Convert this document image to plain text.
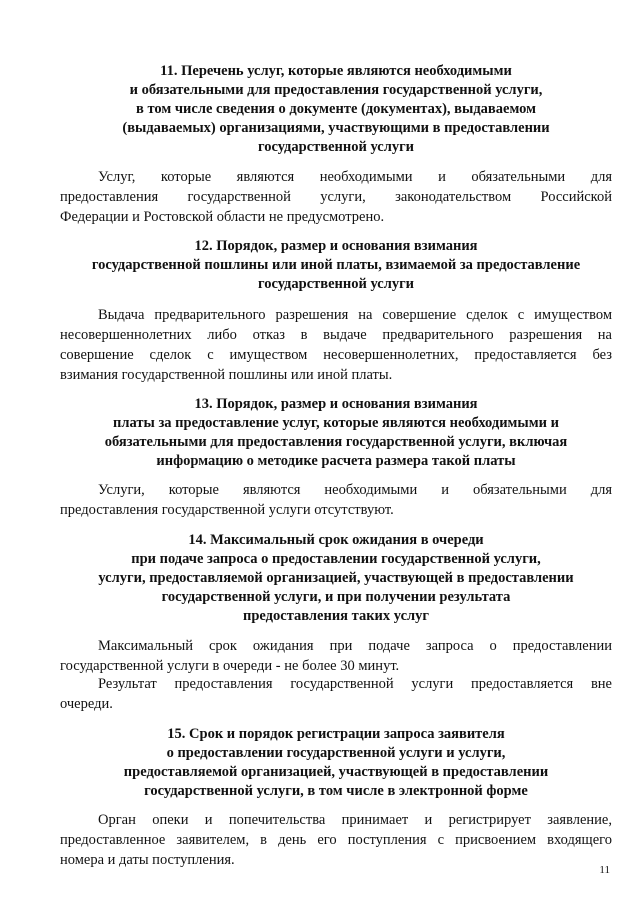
11. Перечень услуг, которые являются необходимыми
и обязательными для предоставления государственной услуги,
в том числе сведения о документе (документах), выдаваемом
(выдаваемых) организациями, участвующими в предоставлении
государственной услуги
Услуг, которые являются необходимыми и обязательными для
предоставления государственной услуги, законодательством Российской
Федерации и Ростовской области не предусмотрено.
12. Порядок, размер и основания взимания
государственной пошлины или иной платы, взимаемой за предоставление
государственной услуги
Выдача предварительного разрешения на совершение сделок с имуществом
несовершеннолетних либо отказ в выдаче предварительного разрешения на
совершение сделок с имуществом несовершеннолетних, предоставляется без
взимания государственной пошлины или иной платы.
13. Порядок, размер и основания взимания
платы за предоставление услуг, которые являются необходимыми и
обязательными для предоставления государственной услуги, включая
информацию о методике расчета размера такой платы
Услуги, которые являются необходимыми и обязательными для
предоставления государственной услуги отсутствуют.
14. Максимальный срок ожидания в очереди
при подаче запроса о предоставлении государственной услуги,
услуги, предоставляемой организацией, участвующей в предоставлении
государственной услуги, и при получении результата
предоставления таких услуг
Максимальный срок ожидания при подаче запроса о предоставлении
государственной услуги в очереди - не более 30 минут.
Результат предоставления государственной услуги предоставляется вне
очереди.
15. Срок и порядок регистрации запроса заявителя
о предоставлении государственной услуги и услуги,
предоставляемой организацией, участвующей в предоставлении
государственной услуги, в том числе в электронной форме
Орган опеки и попечительства принимает и регистрирует заявление,
предоставленное заявителем, в день его поступления с присвоением входящего
номера и даты поступления.
11
